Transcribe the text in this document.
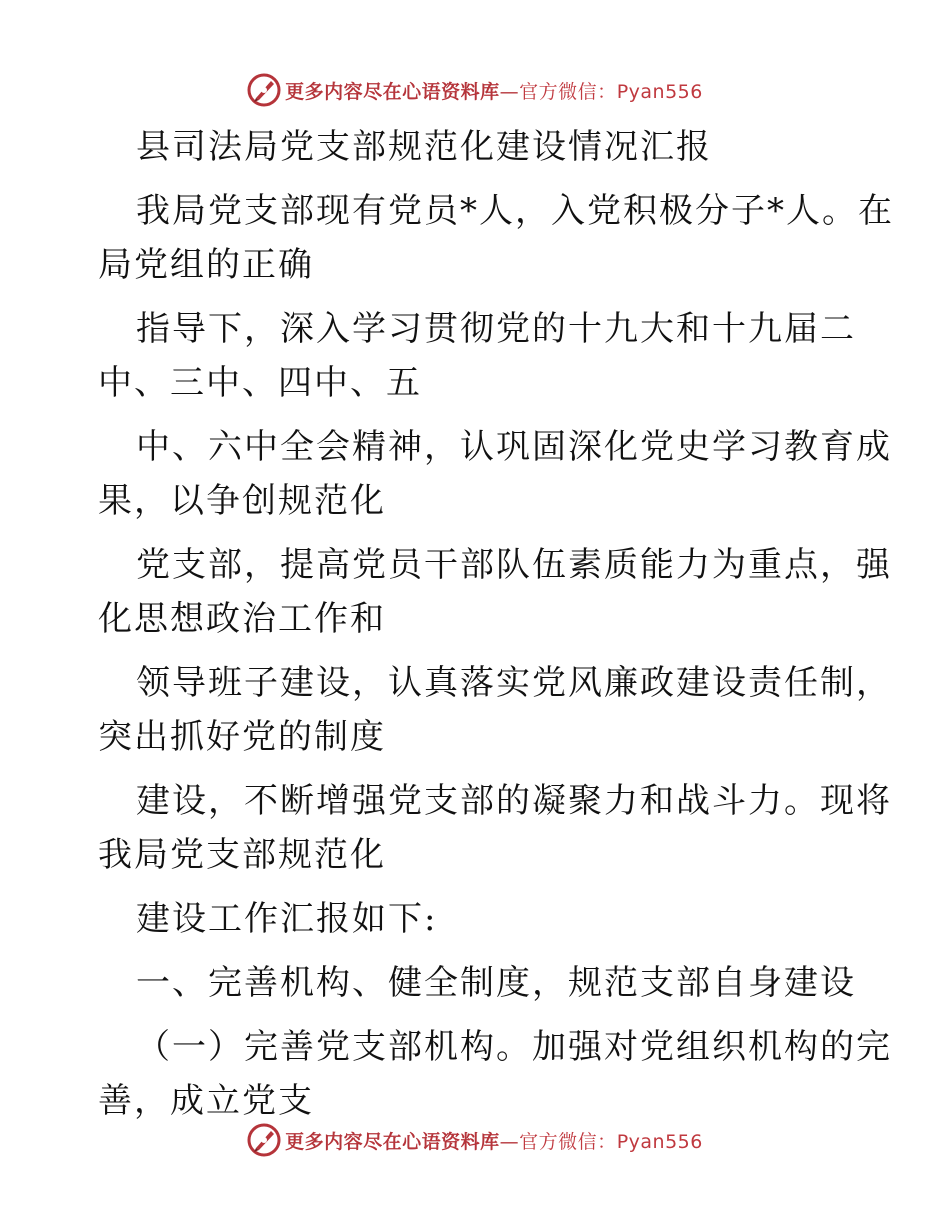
更多内容尽在心语资料库—官方微信：Pyan556
县司法局党支部规范化建设情况汇报
我局党支部现有党员*人，入党积极分子*人。在
局党组的正确
指导下，深入学习贯彻党的十九大和十九届二
中、三中、四中、五
中、六中全会精神，认巩固深化党史学习教育成
果，以争创规范化
党支部，提高党员干部队伍素质能力为重点，强
化思想政治工作和
领导班子建设，认真落实党风廉政建设责任制，
突出抓好党的制度
建设，不断增强党支部的凝聚力和战斗力。现将
我局党支部规范化
建设工作汇报如下:
一、完善机构、健全制度，规范支部自身建设
（一）完善党支部机构。加强对党组织机构的完
善，成立党支
更多内容尽在心语资料库—官方微信：Pyan556
